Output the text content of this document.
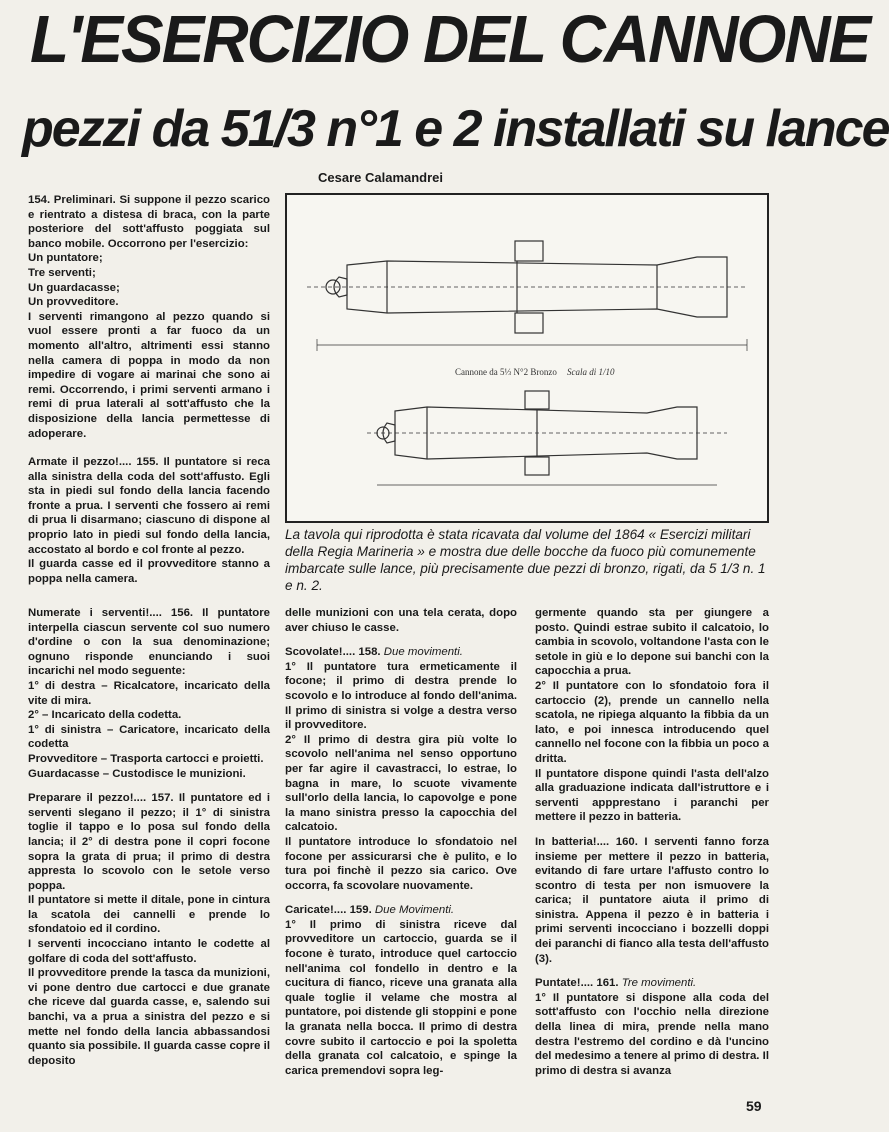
L'ESERCIZIO DEL CANNONE
pezzi da 51/3 n°1 e 2 installati su lance
Cesare Calamandrei

154. Preliminari. Si suppone il pezzo scarico e rientrato a distesa di braca, con la parte posteriore del sott'affusto poggiata sul banco mobile. Occorrono per l'esercizio:

Un puntatore;
Tre serventi;
Un guardacasse;
Un provveditore.

I serventi rimangono al pezzo quando si vuol essere pronti a far fuoco da un momento all'altro, altrimenti essi stanno nella camera di poppa in modo da non impedire di vogare ai marinai che sono ai remi. Occorrendo, i primi serventi armano i remi di prua laterali al sott'affusto che la disposizione della lancia permettesse di adoperare.

Armate il pezzo!.... 155. Il puntatore si reca alla sinistra della coda del sott'affusto. Egli sta in piedi sul fondo della lancia facendo fronte a prua. I serventi che fossero ai remi di prua li disarmano; ciascuno di dispone al proprio lato in piedi sul fondo della lancia, accostato al bordo e col fronte al pezzo.

Il guarda casse ed il provveditore stanno a poppa nella camera.

Cannone da 5⅓ N°2 Bronzo Scala di 1/10
La tavola qui riprodotta è stata ricavata dal volume del 1864 « Esercizi militari della Regia Marineria » e mostra due delle bocche da fuoco più comunemente imbarcate sulle lance, più precisamente due pezzi di bronzo, rigati, da 5 1/3 n. 1 e n. 2.

Numerate i serventi!.... 156. Il puntatore interpella ciascun servente col suo numero d'ordine o con la sua denominazione; ognuno risponde enunciando i suoi incarichi nel modo seguente:

1° di destra – Ricalcatore, incaricato della vite di mira.
2° – Incaricato della codetta.
1° di sinistra – Caricatore, incaricato della codetta
Provveditore – Trasporta cartocci e proietti.
Guardacasse – Custodisce le munizioni.

Preparare il pezzo!.... 157. Il puntatore ed i serventi slegano il pezzo; il 1° di sinistra toglie il tappo e lo posa sul fondo della lancia; il 2° di destra pone il copri focone sopra la grata di prua; il primo di destra appresta lo scovolo con le setole verso poppa.

Il puntatore si mette il ditale, pone in cintura la scatola dei cannelli e prende lo sfondatoio ed il cordino.

I serventi incocciano intanto le codette al golfare di coda del sott'affusto.

Il provveditore prende la tasca da munizioni, vi pone dentro due cartocci e due granate che riceve dal guarda casse, e, salendo sui banchi, va a prua a sinistra del pezzo e si mette nel fondo della lancia abbassandosi quanto sia possibile. Il guarda casse copre il deposito

delle munizioni con una tela cerata, dopo aver chiuso le casse.

Scovolate!.... 158. Due movimenti.

1° Il puntatore tura ermeticamente il focone; il primo di destra prende lo scovolo e lo introduce al fondo dell'anima. Il primo di sinistra si volge a destra verso il provveditore.

2° Il primo di destra gira più volte lo scovolo nell'anima nel senso opportuno per far agire il cavastracci, lo estrae, lo bagna in mare, lo scuote vivamente sull'orlo della lancia, lo capovolge e pone la mano sinistra presso la capocchia del calcatoio.

Il puntatore introduce lo sfondatoio nel focone per assicurarsi che è pulito, e lo tura poi finchè il pezzo sia carico. Ove occorra, fa scovolare nuovamente.

Caricate!.... 159. Due Movimenti.

1° Il primo di sinistra riceve dal provveditore un cartoccio, guarda se il focone è turato, introduce quel cartoccio nell'anima col fondello in dentro e la cucitura di fianco, riceve una granata alla quale toglie il velame che mostra al puntatore, poi distende gli stoppini e pone la granata nella bocca. Il primo di destra covre subito il cartoccio e poi la spoletta della granata col calcatoio, e spinge la carica premendovi sopra leg-

germente quando sta per giungere a posto. Quindi estrae subito il calcatoio, lo cambia in scovolo, voltandone l'asta con le setole in giù e lo depone sui banchi con la capocchia a prua.

2° Il puntatore con lo sfondatoio fora il cartoccio (2), prende un cannello nella scatola, ne ripiega alquanto la fibbia da un lato, e poi innesca introducendo quel cannello nel focone con la fibbia un poco a dritta.

Il puntatore dispone quindi l'asta dell'alzo alla graduazione indicata dall'istruttore e i serventi appprestano i paranchi per mettere il pezzo in batteria.

In batteria!.... 160. I serventi fanno forza insieme per mettere il pezzo in batteria, evitando di fare urtare l'affusto contro lo scontro di testa per non ismuovere la carica; il puntatore aiuta il primo di sinistra. Appena il pezzo è in batteria i primi serventi incocciano i bozzelli doppi dei paranchi di fianco alla testa dell'affusto (3).

Puntate!.... 161. Tre movimenti.

1° Il puntatore si dispone alla coda del sott'affusto con l'occhio nella direzione della linea di mira, prende nella mano destra l'estremo del cordino e dà l'uncino del medesimo a tenere al primo di destra. Il primo di destra si avanza

59
